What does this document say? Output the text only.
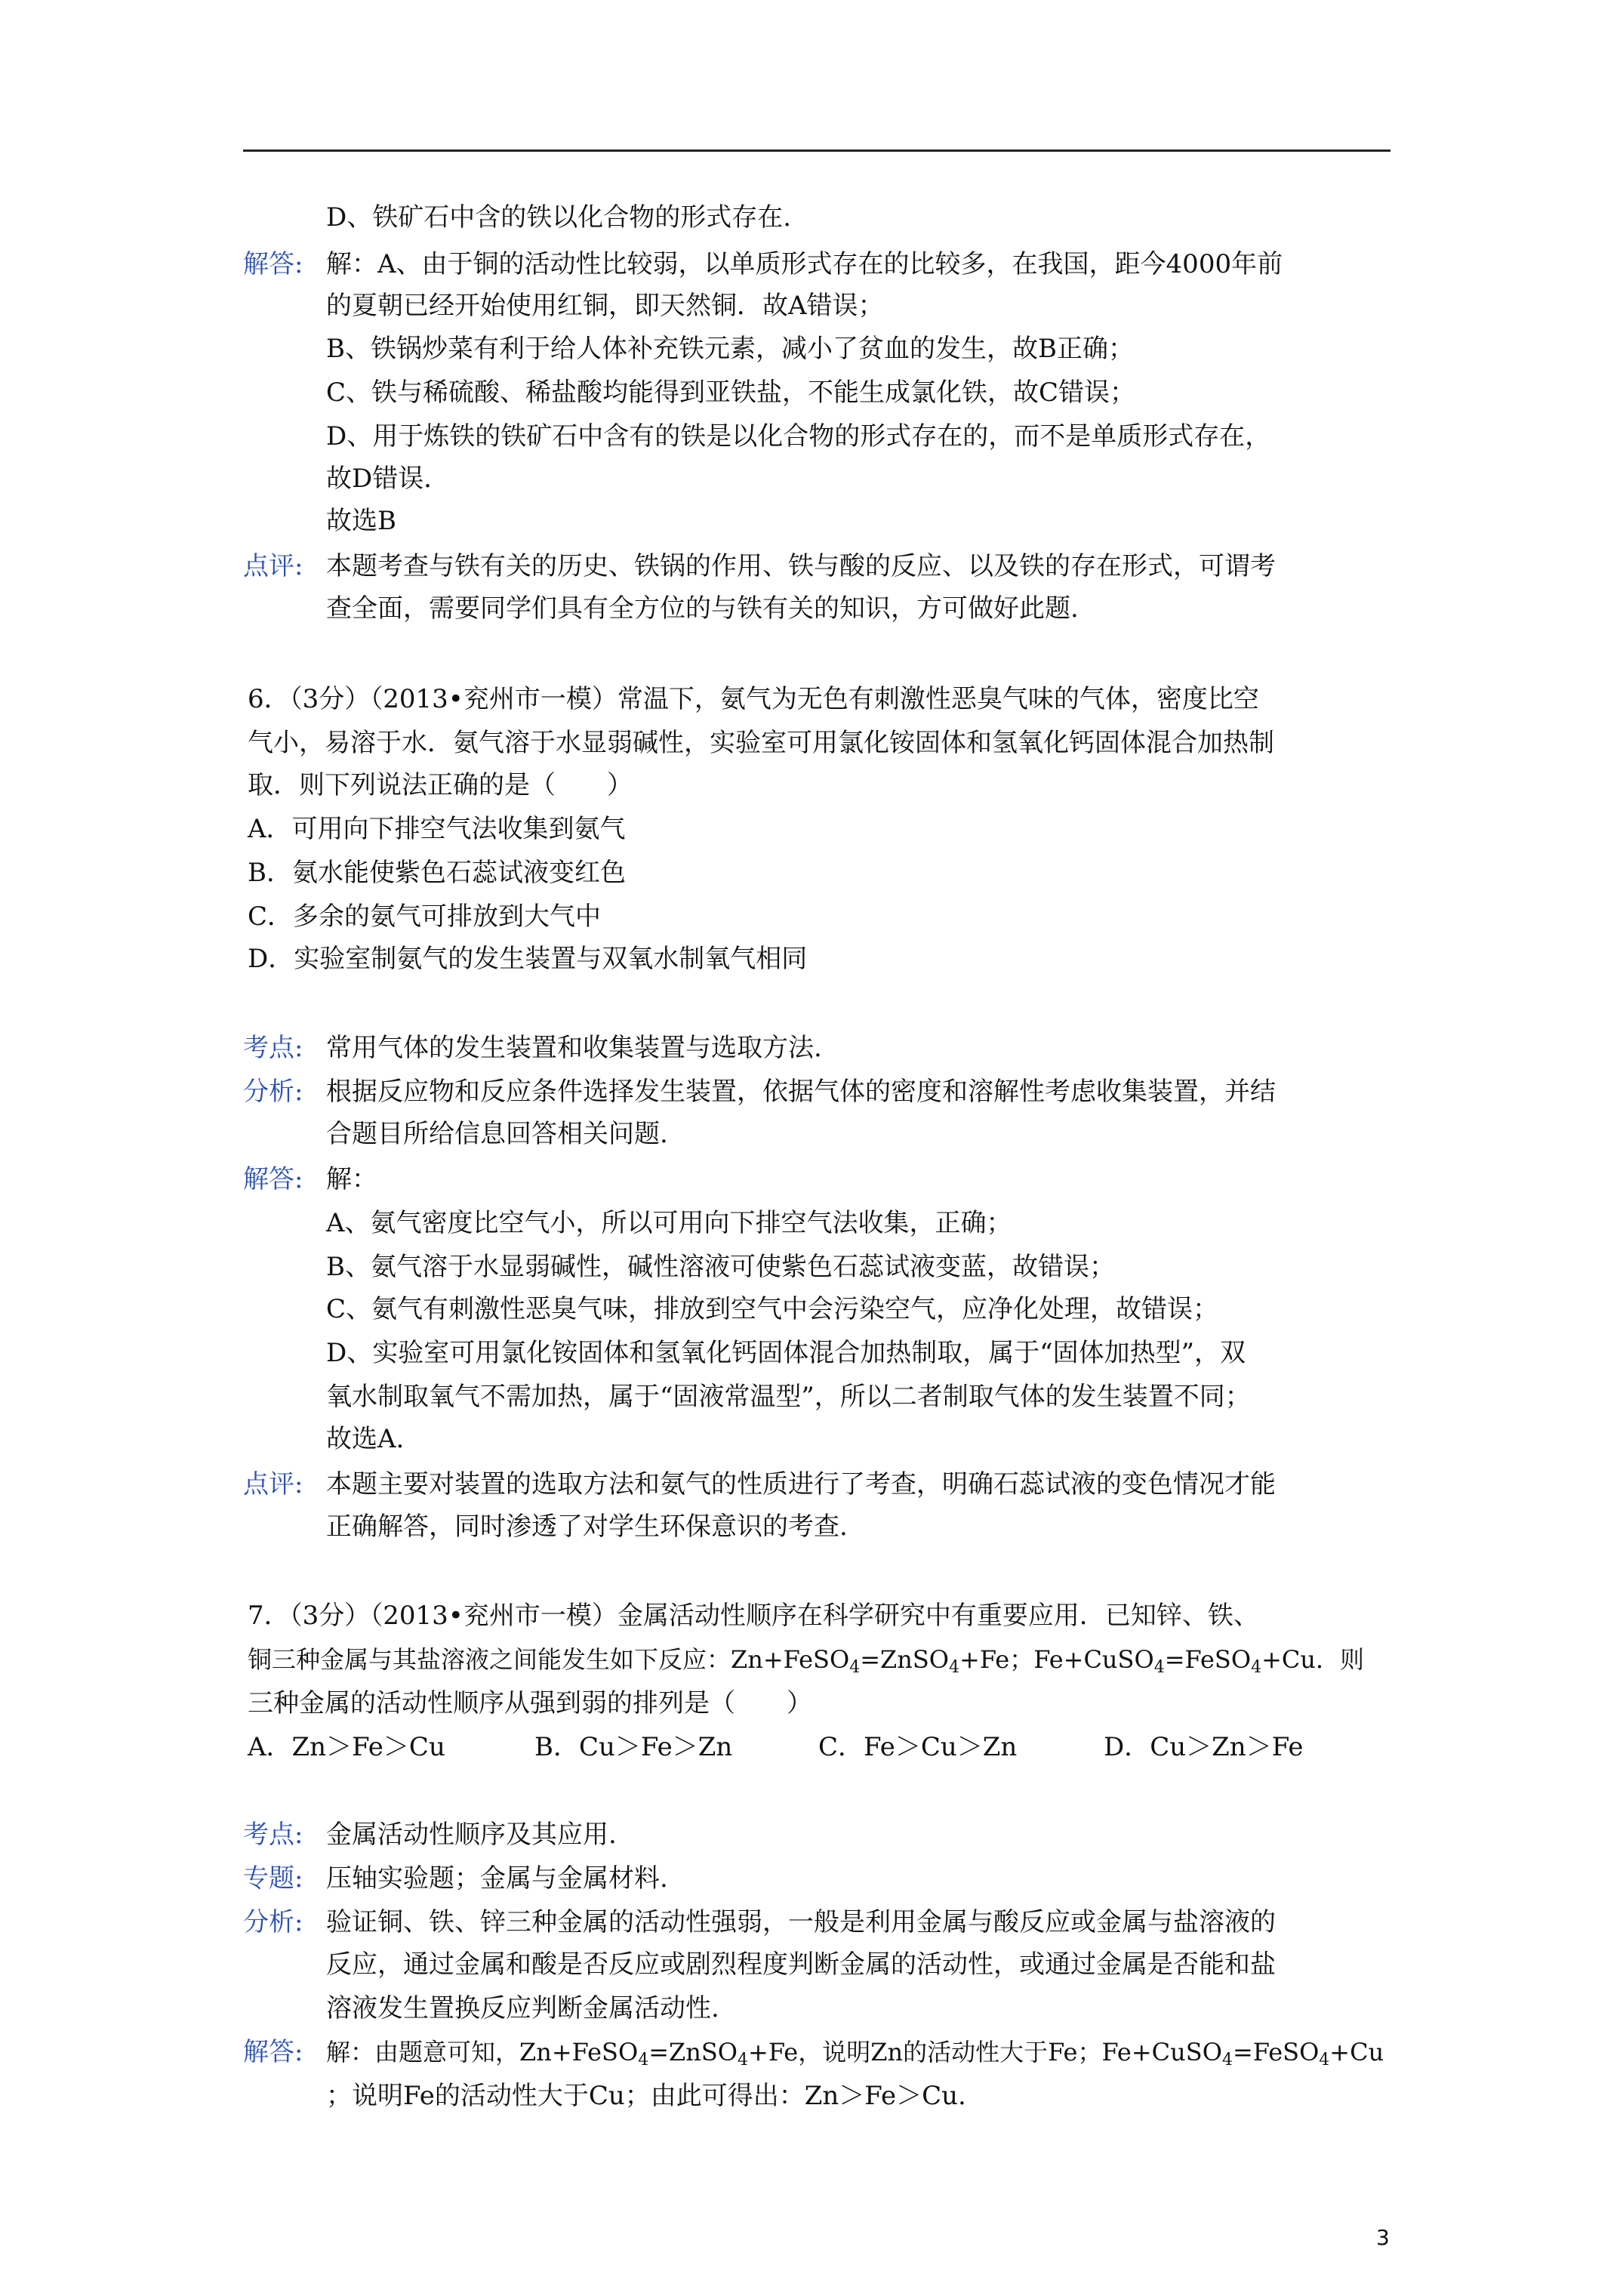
D、铁矿石中含的铁以化合物的形式存在.
解答: 解：A、由于铜的活动性比较弱，以单质形式存在的比较多，在我国，距今4000年前
的夏朝已经开始使用红铜，即天然铜．故A错误；
B、铁锅炒菜有利于给人体补充铁元素，减小了贫血的发生，故B正确；
C、铁与稀硫酸、稀盐酸均能得到亚铁盐，不能生成氯化铁，故C错误；
D、用于炼铁的铁矿石中含有的铁是以化合物的形式存在的，而不是单质形式存在，
故D错误．
故选B
点评: 本题考查与铁有关的历史、铁锅的作用、铁与酸的反应、以及铁的存在形式，可谓考
查全面，需要同学们具有全方位的与铁有关的知识，方可做好此题.
6．（3分）（2013•兖州市一模）常温下，氨气为无色有刺激性恶臭气味的气体，密度比空
气小，易溶于水．氨气溶于水显弱碱性，实验室可用氯化铵固体和氢氧化钙固体混合加热制
取．则下列说法正确的是（　　）
A．可用向下排空气法收集到氨气
B．氨水能使紫色石蕊试液变红色
C．多余的氨气可排放到大气中
D．实验室制氨气的发生装置与双氧水制氧气相同
考点: 常用气体的发生装置和收集装置与选取方法.
分析: 根据反应物和反应条件选择发生装置，依据气体的密度和溶解性考虑收集装置，并结
合题目所给信息回答相关问题.
解答: 解：
A、氨气密度比空气小，所以可用向下排空气法收集，正确；
B、氨气溶于水显弱碱性，碱性溶液可使紫色石蕊试液变蓝，故错误；
C、氨气有刺激性恶臭气味，排放到空气中会污染空气，应净化处理，故错误；
D、实验室可用氯化铵固体和氢氧化钙固体混合加热制取，属于“固体加热型”，双
氧水制取氧气不需加热，属于“固液常温型”，所以二者制取气体的发生装置不同；
故选A.
点评: 本题主要对装置的选取方法和氨气的性质进行了考查，明确石蕊试液的变色情况才能
正确解答，同时渗透了对学生环保意识的考查.
7．（3分）（2013•兖州市一模）金属活动性顺序在科学研究中有重要应用．已知锌、铁、
铜三种金属与其盐溶液之间能发生如下反应：Zn+FeSO$_4$=ZnSO$_4$+Fe；Fe+CuSO$_4$=FeSO$_4$+Cu．则
三种金属的活动性顺序从强到弱的排列是（　　）
A．Zn＞Fe＞Cu	B．Cu＞Fe＞Zn	C．Fe＞Cu＞Zn	D．Cu＞Zn＞Fe
考点: 金属活动性顺序及其应用.
专题: 压轴实验题；金属与金属材料.
分析: 验证铜、铁、锌三种金属的活动性强弱，一般是利用金属与酸反应或金属与盐溶液的
反应，通过金属和酸是否反应或剧烈程度判断金属的活动性，或通过金属是否能和盐
溶液发生置换反应判断金属活动性.
解答: 解：由题意可知，Zn+FeSO$_4$=ZnSO$_4$+Fe，说明Zn的活动性大于Fe；Fe+CuSO$_4$=FeSO$_4$+Cu
；说明Fe的活动性大于Cu；由此可得出：Zn＞Fe＞Cu.
3
